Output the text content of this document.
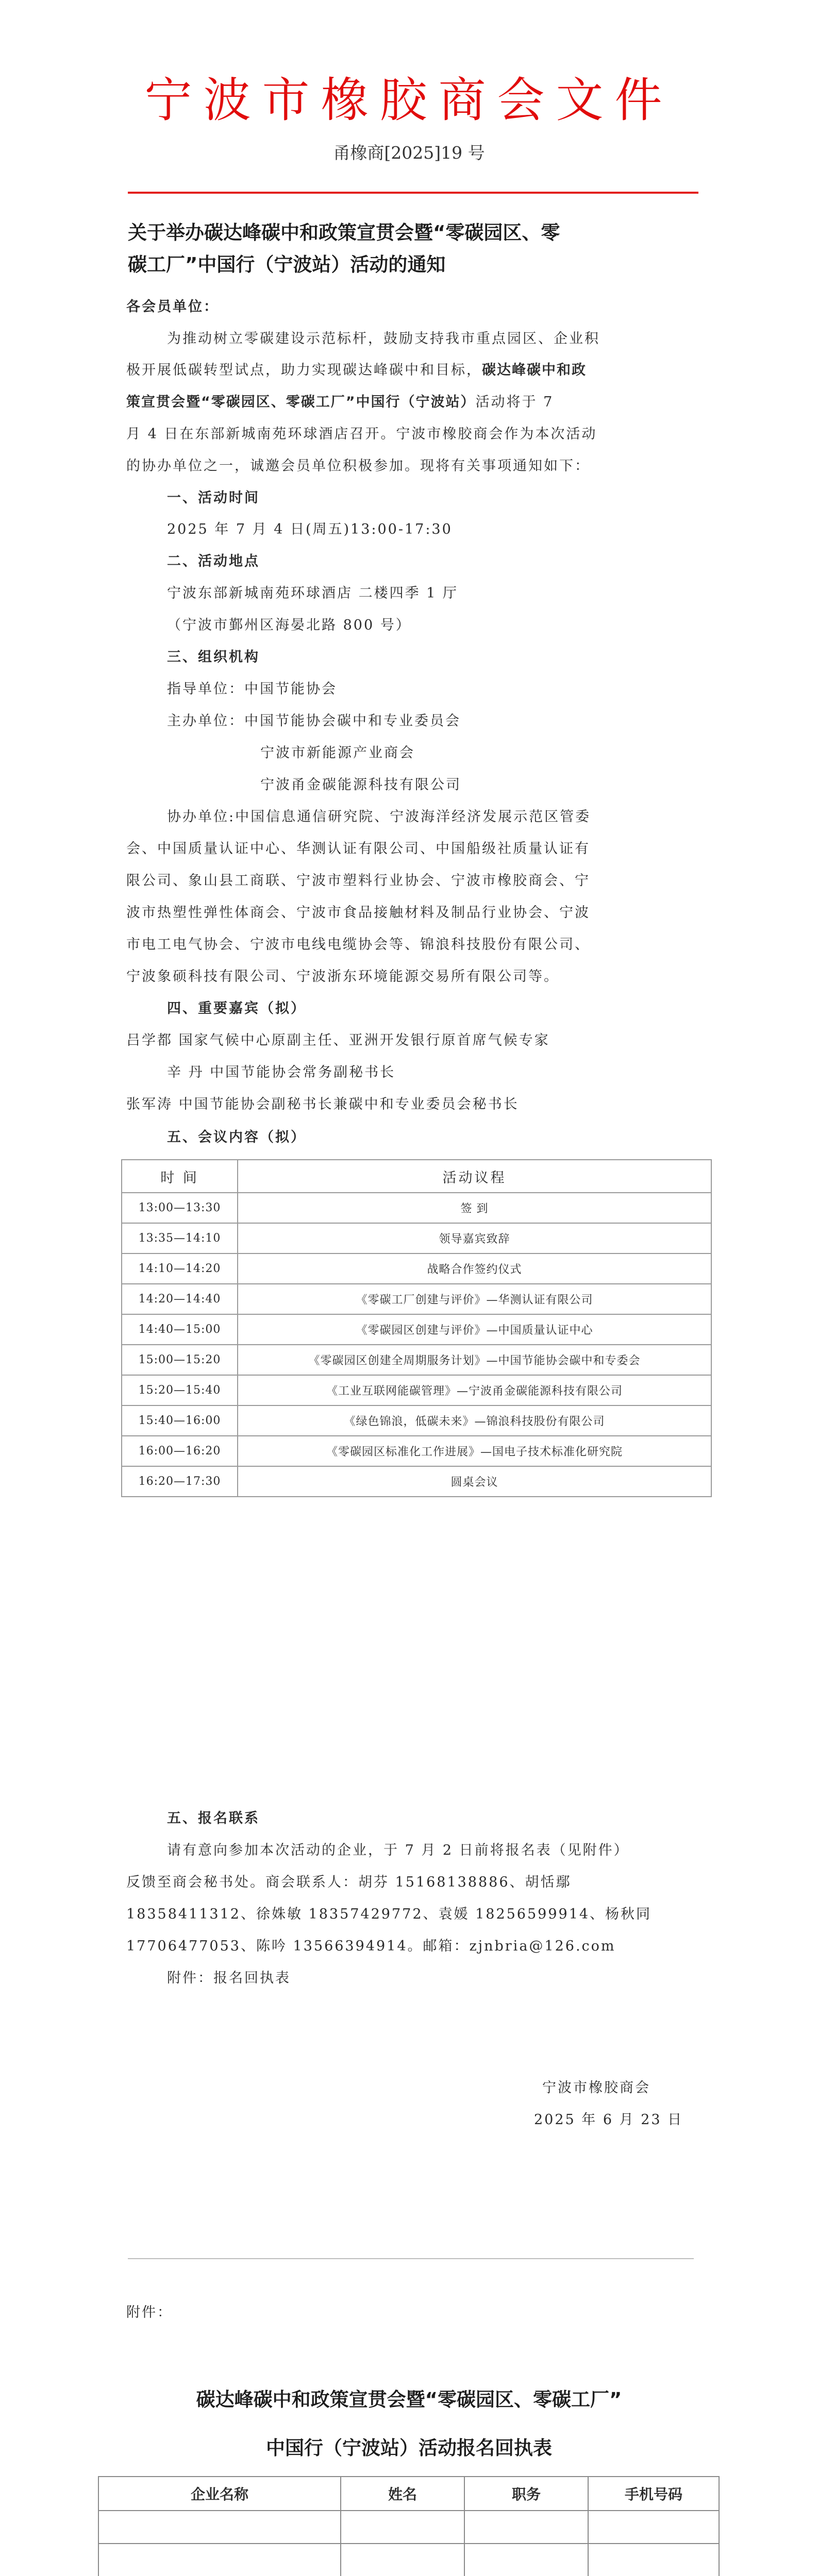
宁波市橡胶商会文件
甬橡商[2025]19 号
关于举办碳达峰碳中和政策宣贯会暨“零碳园区、零
碳工厂”中国行（宁波站）活动的通知
各会员单位：
为推动树立零碳建设示范标杆，鼓励支持我市重点园区、企业积
极开展低碳转型试点，助力实现碳达峰碳中和目标，碳达峰碳中和政
策宣贯会暨“零碳园区、零碳工厂”中国行（宁波站）活动将于 7
月 4 日在东部新城南苑环球酒店召开。宁波市橡胶商会作为本次活动
的协办单位之一，诚邀会员单位积极参加。现将有关事项通知如下：
一、活动时间
2025 年 7 月 4 日(周五)13:00-17:30
二、活动地点
宁波东部新城南苑环球酒店 二楼四季 1 厅
（宁波市鄞州区海晏北路 800 号）
三、组织机构
指导单位：中国节能协会
主办单位：中国节能协会碳中和专业委员会
宁波市新能源产业商会
宁波甬金碳能源科技有限公司
协办单位:中国信息通信研究院、宁波海洋经济发展示范区管委
会、中国质量认证中心、华测认证有限公司、中国船级社质量认证有
限公司、象山县工商联、宁波市塑料行业协会、宁波市橡胶商会、宁
波市热塑性弹性体商会、宁波市食品接触材料及制品行业协会、宁波
市电工电气协会、宁波市电线电缆协会等、锦浪科技股份有限公司、
宁波象硕科技有限公司、宁波浙东环境能源交易所有限公司等。
四、重要嘉宾（拟）
吕学都 国家气候中心原副主任、亚洲开发银行原首席气候专家
辛 丹 中国节能协会常务副秘书长
张军涛 中国节能协会副秘书长兼碳中和专业委员会秘书长
五、会议内容（拟）
时 间	活动议程
13:00—13:30	签 到
13:35—14:10	领导嘉宾致辞
14:10—14:20	战略合作签约仪式
14:20—14:40	《零碳工厂创建与评价》—华测认证有限公司
14:40—15:00	《零碳园区创建与评价》—中国质量认证中心
15:00—15:20	《零碳园区创建全周期服务计划》—中国节能协会碳中和专委会
15:20—15:40	《工业互联网能碳管理》—宁波甬金碳能源科技有限公司
15:40—16:00	《绿色锦浪，低碳未来》—锦浪科技股份有限公司
16:00—16:20	《零碳园区标准化工作进展》—国电子技术标准化研究院
16:20—17:30	圆桌会议
五、报名联系
请有意向参加本次活动的企业，于 7 月 2 日前将报名表（见附件）
反馈至商会秘书处。商会联系人：胡芬 15168138886、胡恬鄢
18358411312、徐姝敏 18357429772、袁媛 18256599914、杨秋同
17706477053、陈吟 13566394914。邮箱：zjnbria@126.com
附件：报名回执表
宁波市橡胶商会
2025 年 6 月 23 日
附件：
碳达峰碳中和政策宣贯会暨“零碳园区、零碳工厂”
中国行（宁波站）活动报名回执表
企业名称	姓名	职务	手机号码
